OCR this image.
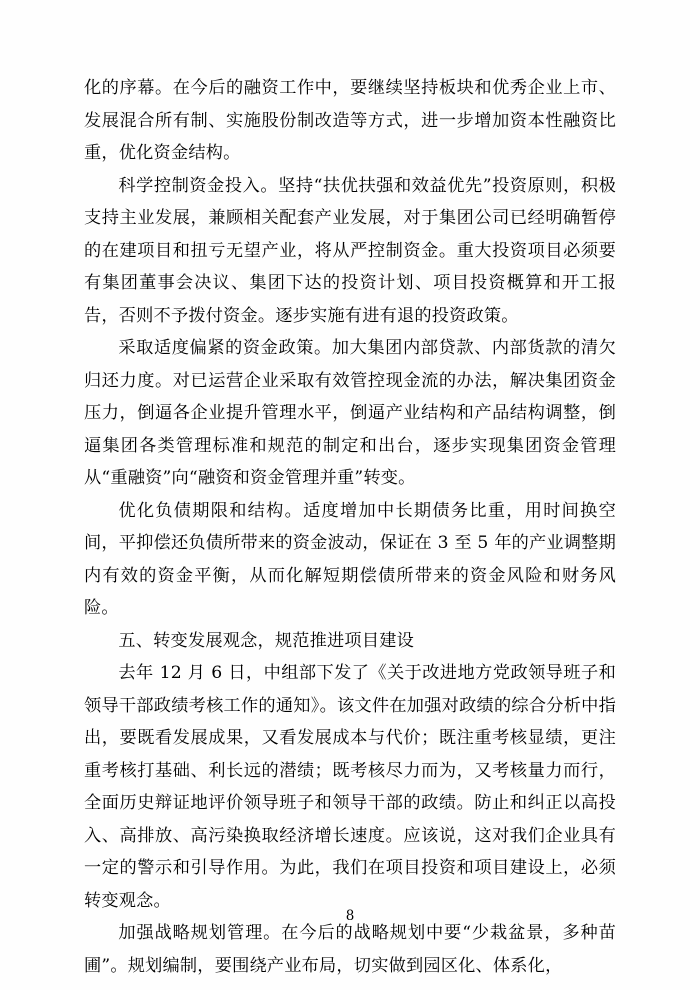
化的序幕。在今后的融资工作中，要继续坚持板块和优秀企业上市、发展混合所有制、实施股份制改造等方式，进一步增加资本性融资比重，优化资金结构。

科学控制资金投入。坚持“扶优扶强和效益优先”投资原则，积极支持主业发展，兼顾相关配套产业发展，对于集团公司已经明确暂停的在建项目和扭亏无望产业，将从严控制资金。重大投资项目必须要有集团董事会决议、集团下达的投资计划、项目投资概算和开工报告，否则不予拨付资金。逐步实施有进有退的投资政策。

采取适度偏紧的资金政策。加大集团内部贷款、内部货款的清欠归还力度。对已运营企业采取有效管控现金流的办法，解决集团资金压力，倒逼各企业提升管理水平，倒逼产业结构和产品结构调整，倒逼集团各类管理标准和规范的制定和出台，逐步实现集团资金管理从“重融资”向“融资和资金管理并重”转变。

优化负债期限和结构。适度增加中长期债务比重，用时间换空间，平抑偿还负债所带来的资金波动，保证在 3 至 5 年的产业调整期内有效的资金平衡，从而化解短期偿债所带来的资金风险和财务风险。

五、转变发展观念，规范推进项目建设

去年 12 月 6 日，中组部下发了《关于改进地方党政领导班子和领导干部政绩考核工作的通知》。该文件在加强对政绩的综合分析中指出，要既看发展成果，又看发展成本与代价；既注重考核显绩，更注重考核打基础、利长远的潜绩；既考核尽力而为，又考核量力而行，全面历史辩证地评价领导班子和领导干部的政绩。防止和纠正以高投入、高排放、高污染换取经济增长速度。应该说，这对我们企业具有一定的警示和引导作用。为此，我们在项目投资和项目建设上，必须转变观念。

加强战略规划管理。在今后的战略规划中要“少栽盆景，多种苗圃”。规划编制，要围绕产业布局，切实做到园区化、体系化，

8
